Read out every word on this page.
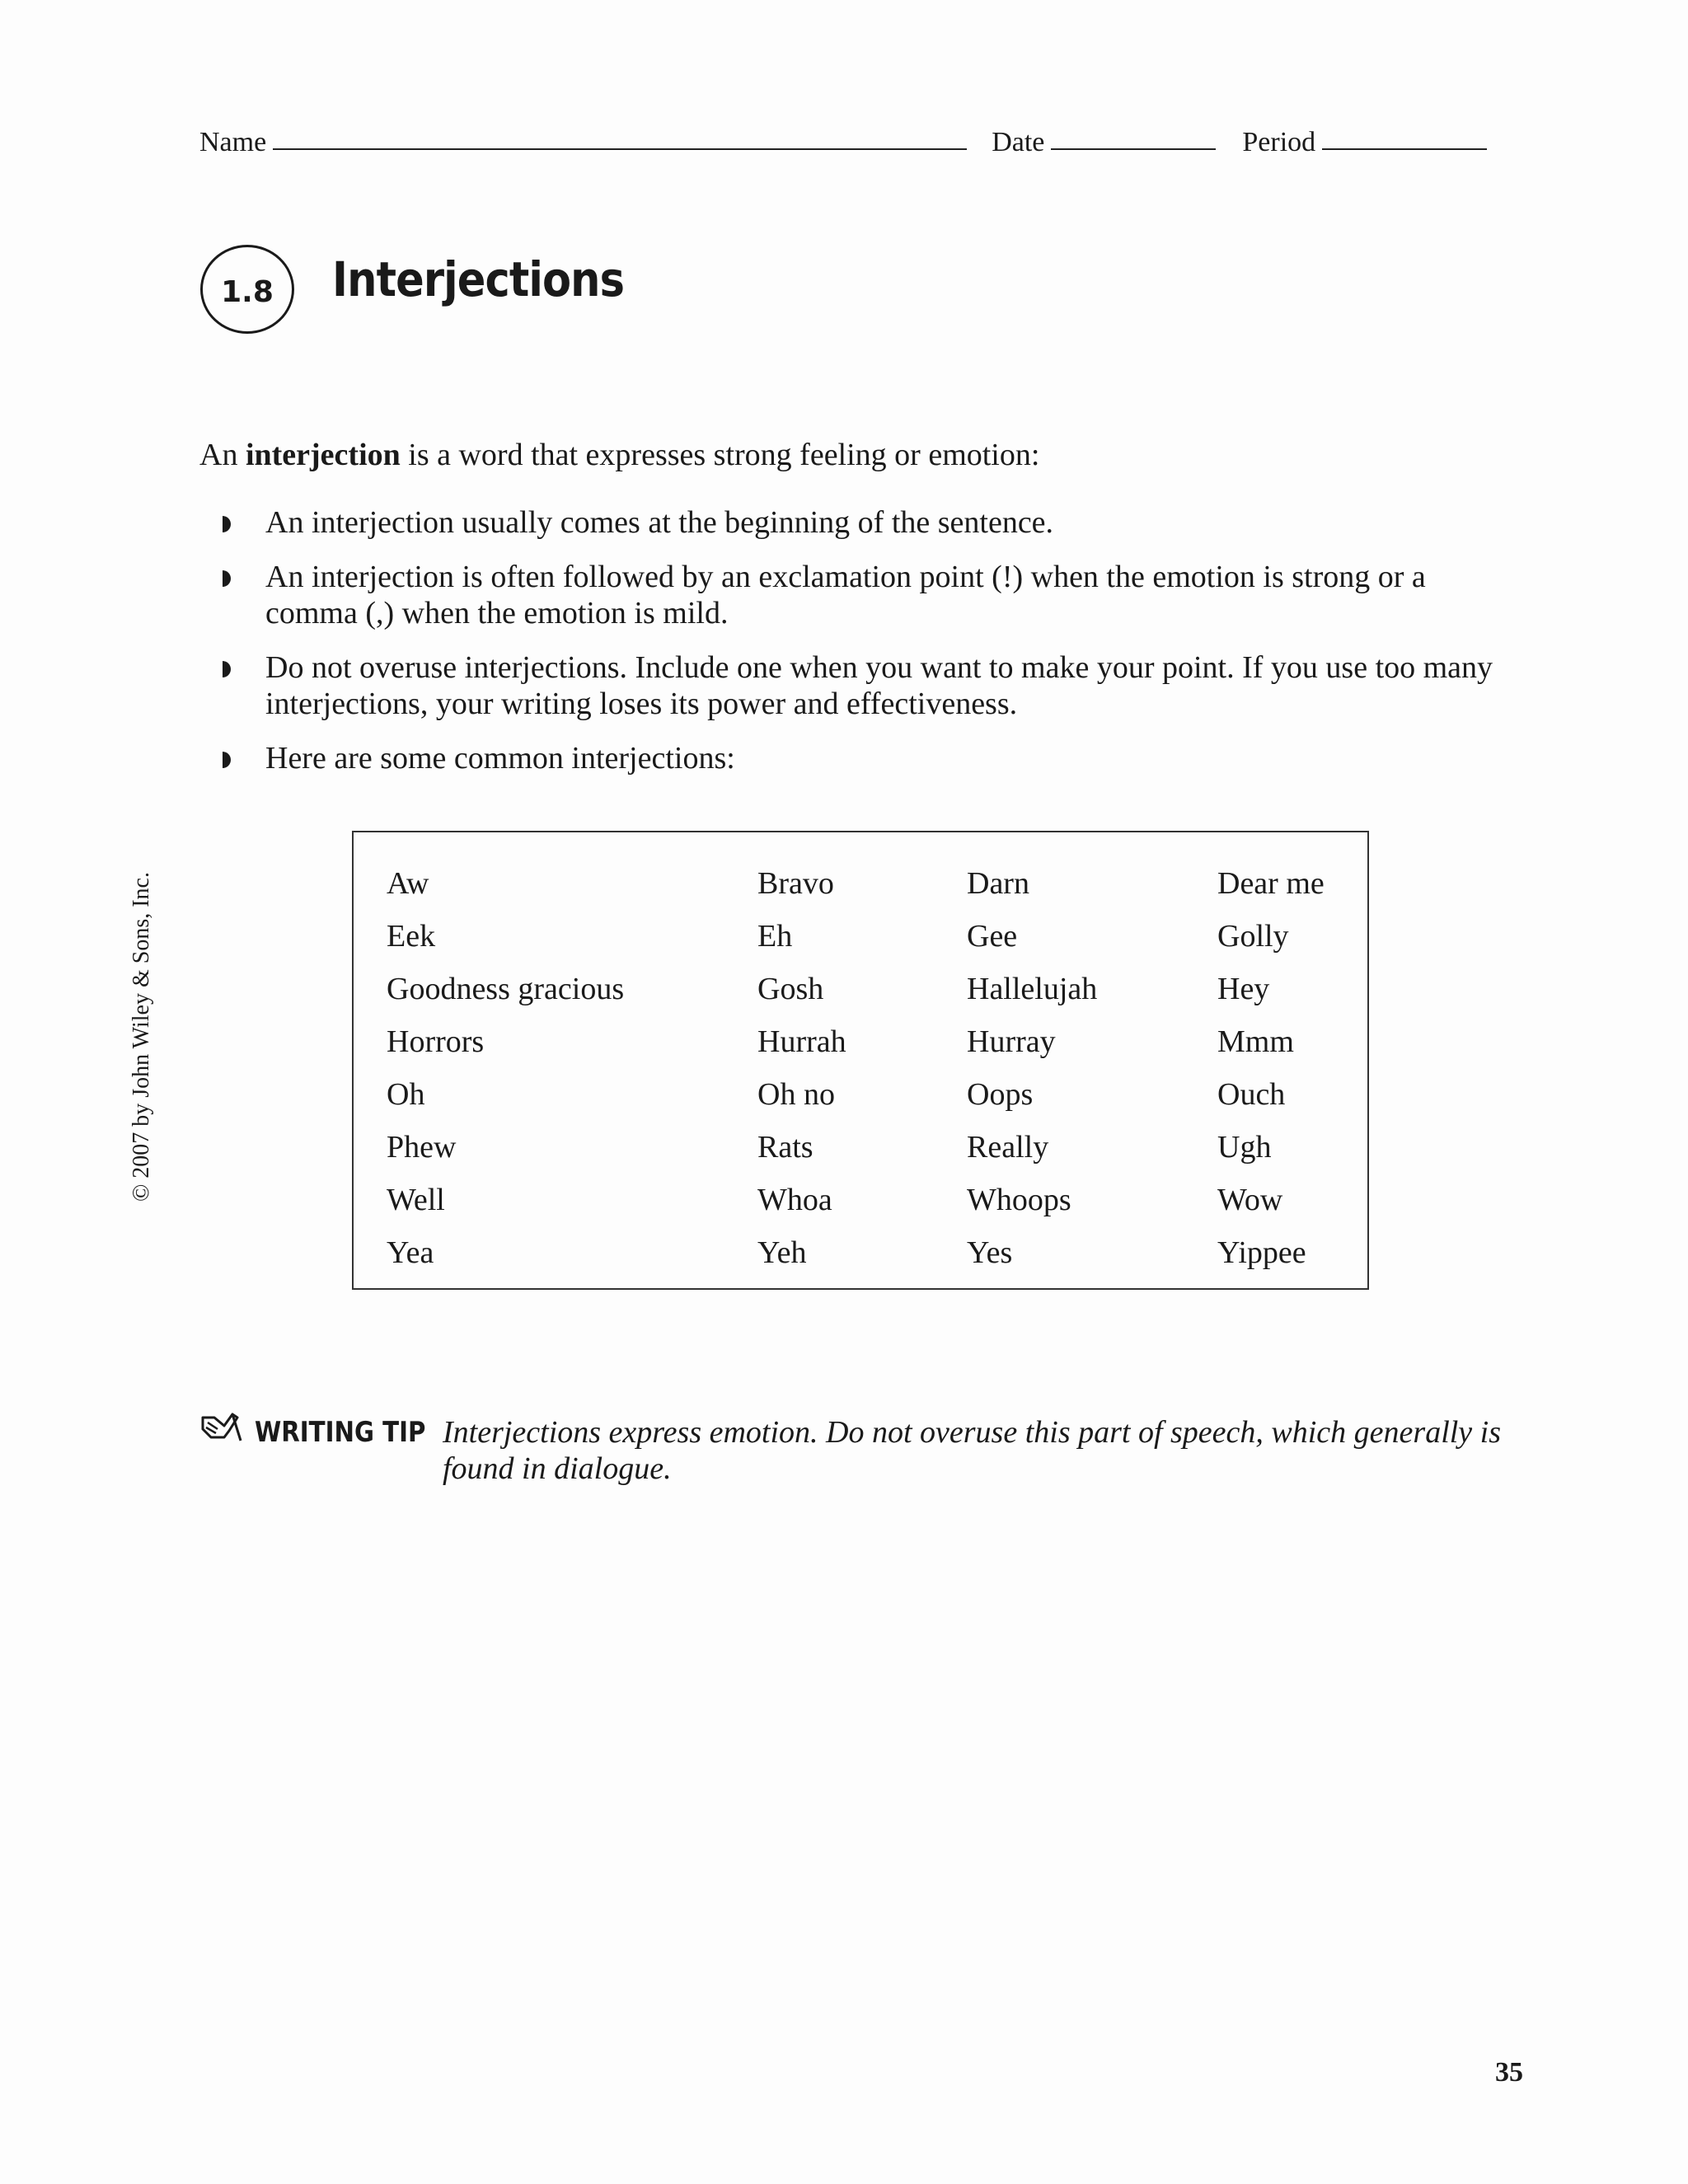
Name	Date	Period
1.8	Interjections
An interjection is a word that expresses strong feeling or emotion:
An interjection usually comes at the beginning of the sentence.
An interjection is often followed by an exclamation point (!) when the emotion is strong or a comma (,) when the emotion is mild.
Do not overuse interjections. Include one when you want to make your point. If you use too many interjections, your writing loses its power and effectiveness.
Here are some common interjections:
Aw	Bravo	Darn	Dear me
Eek	Eh	Gee	Golly
Goodness gracious	Gosh	Hallelujah	Hey
Horrors	Hurrah	Hurray	Mmm
Oh	Oh no	Oops	Ouch
Phew	Rats	Really	Ugh
Well	Whoa	Whoops	Wow
Yea	Yeh	Yes	Yippee
WRITING TIP Interjections express emotion. Do not overuse this part of speech, which generally is found in dialogue.

© 2007 by John Wiley & Sons, Inc.
35
